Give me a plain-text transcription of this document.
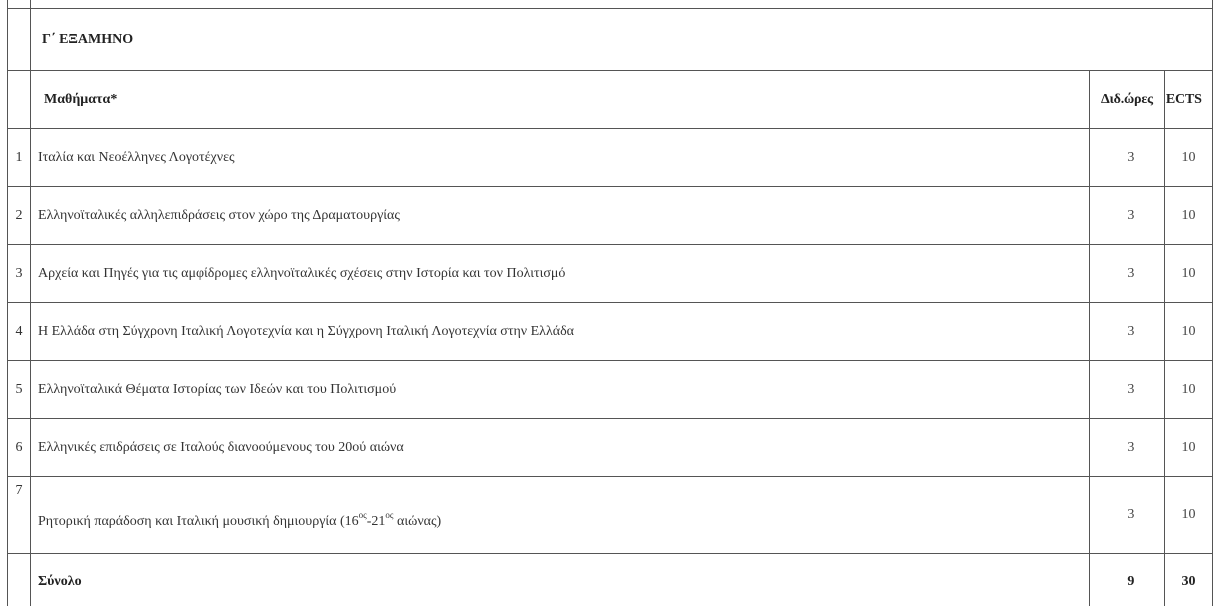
	Γ΄ ΕΞΑΜΗΝΟ		
	Μαθήματα*	Διδ.ώρες	ECTS
1	Ιταλία και Νεοέλληνες Λογοτέχνες	3	10
2	Ελληνοϊταλικές αλληλεπιδράσεις στον χώρο της Δραματουργίας	3	10
3	Αρχεία και Πηγές για τις αμφίδρομες ελληνοϊταλικές σχέσεις στην Ιστορία και τον Πολιτισμό	3	10
4	Η Ελλάδα στη Σύγχρονη Ιταλική Λογοτεχνία και η Σύγχρονη Ιταλική Λογοτεχνία στην Ελλάδα	3	10
5	Ελληνοϊταλικά Θέματα Ιστορίας των Ιδεών και του Πολιτισμού	3	10
6	Ελληνικές επιδράσεις σε Ιταλούς διανοούμενους του 20ού αιώνα	3	10
7	Ρητορική παράδοση και Ιταλική μουσική δημιουργία ($16^{o\varsigma}-21^{o\varsigma}$ αιώνας)	3	10
	Σύνολο	9	30
